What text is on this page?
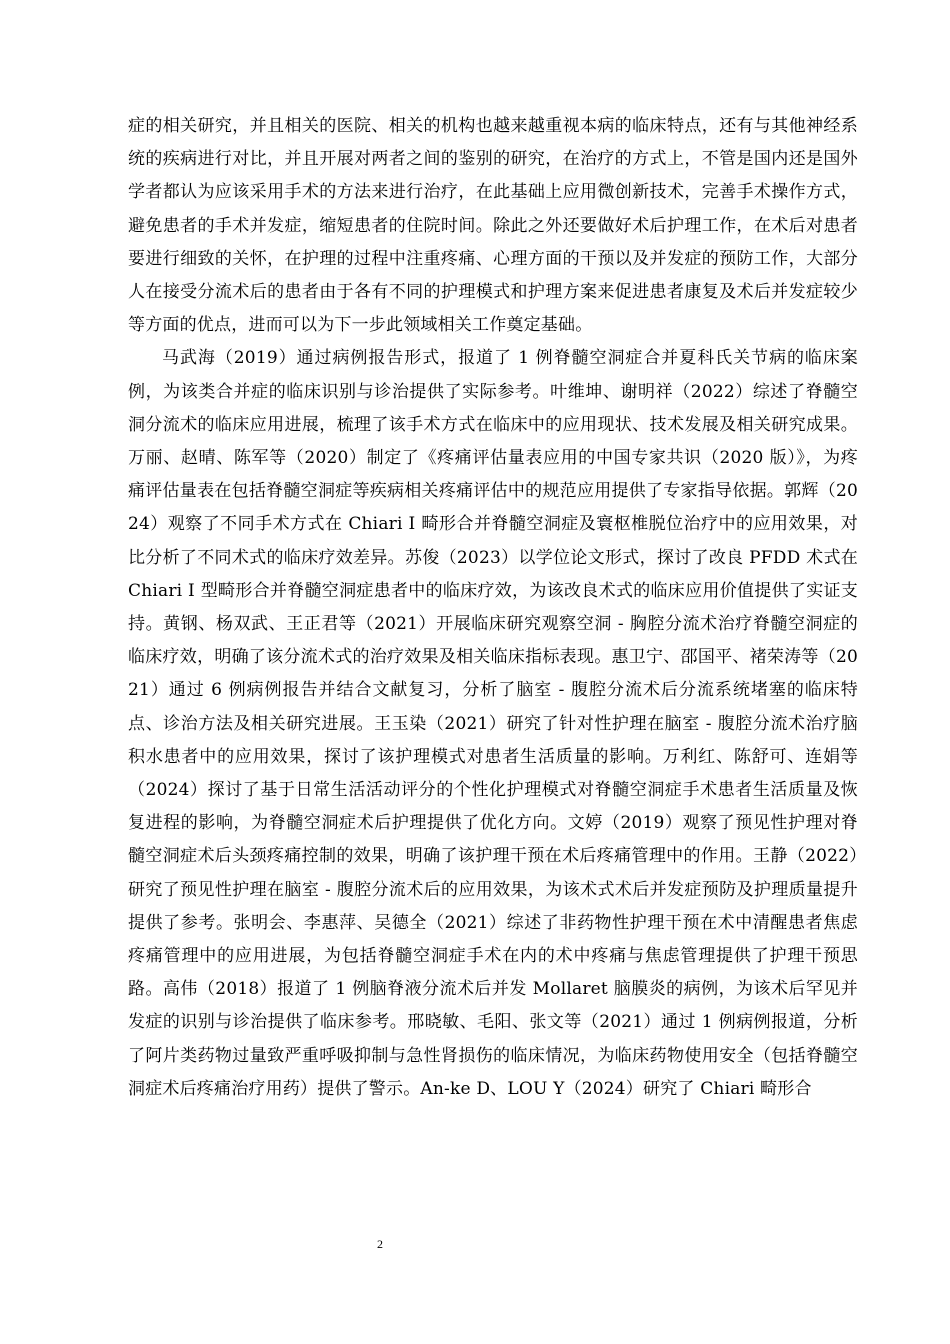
症的相关研究，并且相关的医院、相关的机构也越来越重视本病的临床特点，还有与其他神经系统的疾病进行对比，并且开展对两者之间的鉴别的研究，在治疗的方式上，不管是国内还是国外学者都认为应该采用手术的方法来进行治疗，在此基础上应用微创新技术，完善手术操作方式，避免患者的手术并发症，缩短患者的住院时间。除此之外还要做好术后护理工作，在术后对患者要进行细致的关怀，在护理的过程中注重疼痛、心理方面的干预以及并发症的预防工作，大部分人在接受分流术后的患者由于各有不同的护理模式和护理方案来促进患者康复及术后并发症较少等方面的优点，进而可以为下一步此领域相关工作奠定基础。

马武海（2019）通过病例报告形式，报道了 1 例脊髓空洞症合并夏科氏关节病的临床案例，为该类合并症的临床识别与诊治提供了实际参考。叶维坤、谢明祥（2022）综述了脊髓空洞分流术的临床应用进展，梳理了该手术方式在临床中的应用现状、技术发展及相关研究成果。万丽、赵晴、陈军等（2020）制定了《疼痛评估量表应用的中国专家共识（2020 版）》，为疼痛评估量表在包括脊髓空洞症等疾病相关疼痛评估中的规范应用提供了专家指导依据。郭辉（2024）观察了不同手术方式在 Chiari Ⅰ 畸形合并脊髓空洞症及寰枢椎脱位治疗中的应用效果，对比分析了不同术式的临床疗效差异。苏俊（2023）以学位论文形式，探讨了改良 PFDD 术式在 Chiari Ⅰ 型畸形合并脊髓空洞症患者中的临床疗效，为该改良术式的临床应用价值提供了实证支持。黄钢、杨双武、王正君等（2021）开展临床研究观察空洞 - 胸腔分流术治疗脊髓空洞症的临床疗效，明确了该分流术式的治疗效果及相关临床指标表现。惠卫宁、邵国平、褚荣涛等（2021）通过 6 例病例报告并结合文献复习，分析了脑室 - 腹腔分流术后分流系统堵塞的临床特点、诊治方法及相关研究进展。王玉染（2021）研究了针对性护理在脑室 - 腹腔分流术治疗脑积水患者中的应用效果，探讨了该护理模式对患者生活质量的影响。万利红、陈舒可、连娟等（2024）探讨了基于日常生活活动评分的个性化护理模式对脊髓空洞症手术患者生活质量及恢复进程的影响，为脊髓空洞症术后护理提供了优化方向。文婷（2019）观察了预见性护理对脊髓空洞症术后头颈疼痛控制的效果，明确了该护理干预在术后疼痛管理中的作用。王静（2022）研究了预见性护理在脑室 - 腹腔分流术后的应用效果，为该术式术后并发症预防及护理质量提升提供了参考。张明会、李惠萍、吴德全（2021）综述了非药物性护理干预在术中清醒患者焦虑疼痛管理中的应用进展，为包括脊髓空洞症手术在内的术中疼痛与焦虑管理提供了护理干预思路。高伟（2018）报道了 1 例脑脊液分流术后并发 Mollaret 脑膜炎的病例，为该术后罕见并发症的识别与诊治提供了临床参考。邢晓敏、毛阳、张文等（2021）通过 1 例病例报道，分析了阿片类药物过量致严重呼吸抑制与急性肾损伤的临床情况，为临床药物使用安全（包括脊髓空洞症术后疼痛治疗用药）提供了警示。An-ke D、LOU Y（2024）研究了 Chiari 畸形合

2
